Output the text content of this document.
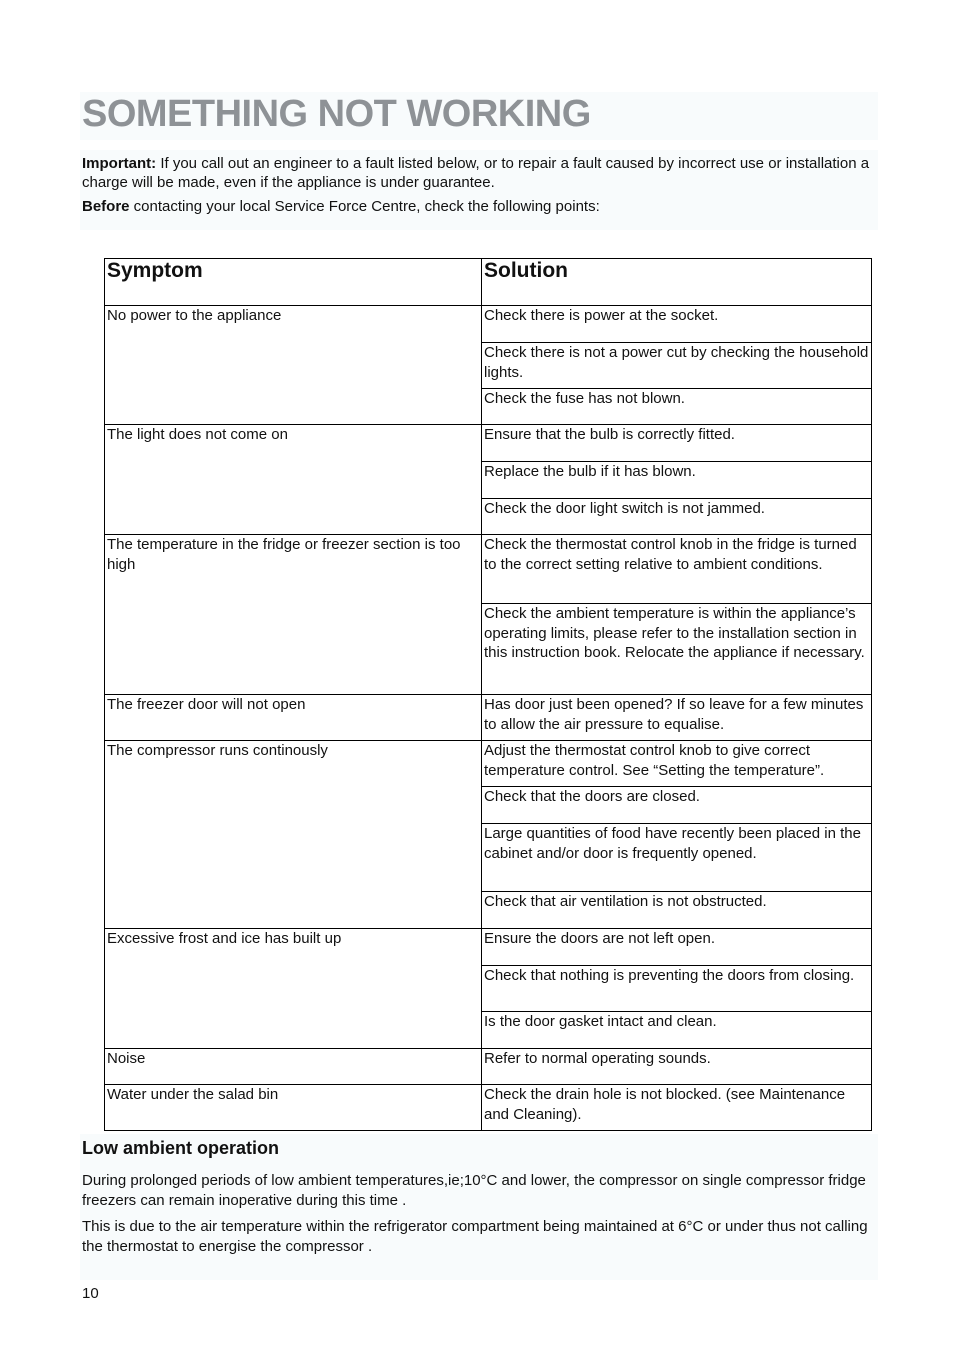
SOMETHING NOT WORKING

Important: If you call out an engineer to a fault listed below, or to repair a fault caused by incorrect use or installation a charge will be made, even if the appliance is under guarantee.

Before contacting your local Service Force Centre, check the following points:

Symptom	Solution
No power to the appliance	Check there is power at the socket.
	Check there is not a power cut by checking the household lights.
	Check the fuse has not blown.
The light does not come on	Ensure that the bulb is correctly fitted.
	Replace the bulb if it has blown.
	Check the door light switch is not jammed.
The temperature in the fridge or freezer section is too high	Check the thermostat control knob in the fridge is turned to the correct setting relative to ambient conditions.
	Check the ambient temperature is within the appliance’s operating limits, please refer to the installation section in this instruction book. Relocate the appliance if necessary.
The freezer door will not open	Has door just been opened? If so leave for a few minutes to allow the air pressure to equalise.
The compressor runs continously	Adjust the thermostat control knob to give correct temperature control. See “Setting the temperature”.
	Check that the doors are closed.
	Large quantities of food have recently been placed in the cabinet and/or door is frequently opened.
	Check that air ventilation is not obstructed.
Excessive frost and ice has built up	Ensure the doors are not left open.
	Check that nothing is preventing the doors from closing.
	Is the door gasket intact and clean.
Noise	Refer to normal operating sounds.
Water under the salad bin	Check the drain hole is not blocked. (see Maintenance and Cleaning).
Low ambient operation

During prolonged periods of low ambient temperatures,ie;10°C and lower, the compressor on single compressor fridge freezers can remain inoperative during this time .

This is due to the air temperature within the refrigerator compartment being maintained at 6°C or under thus not calling the thermostat to energise the compressor .

10
